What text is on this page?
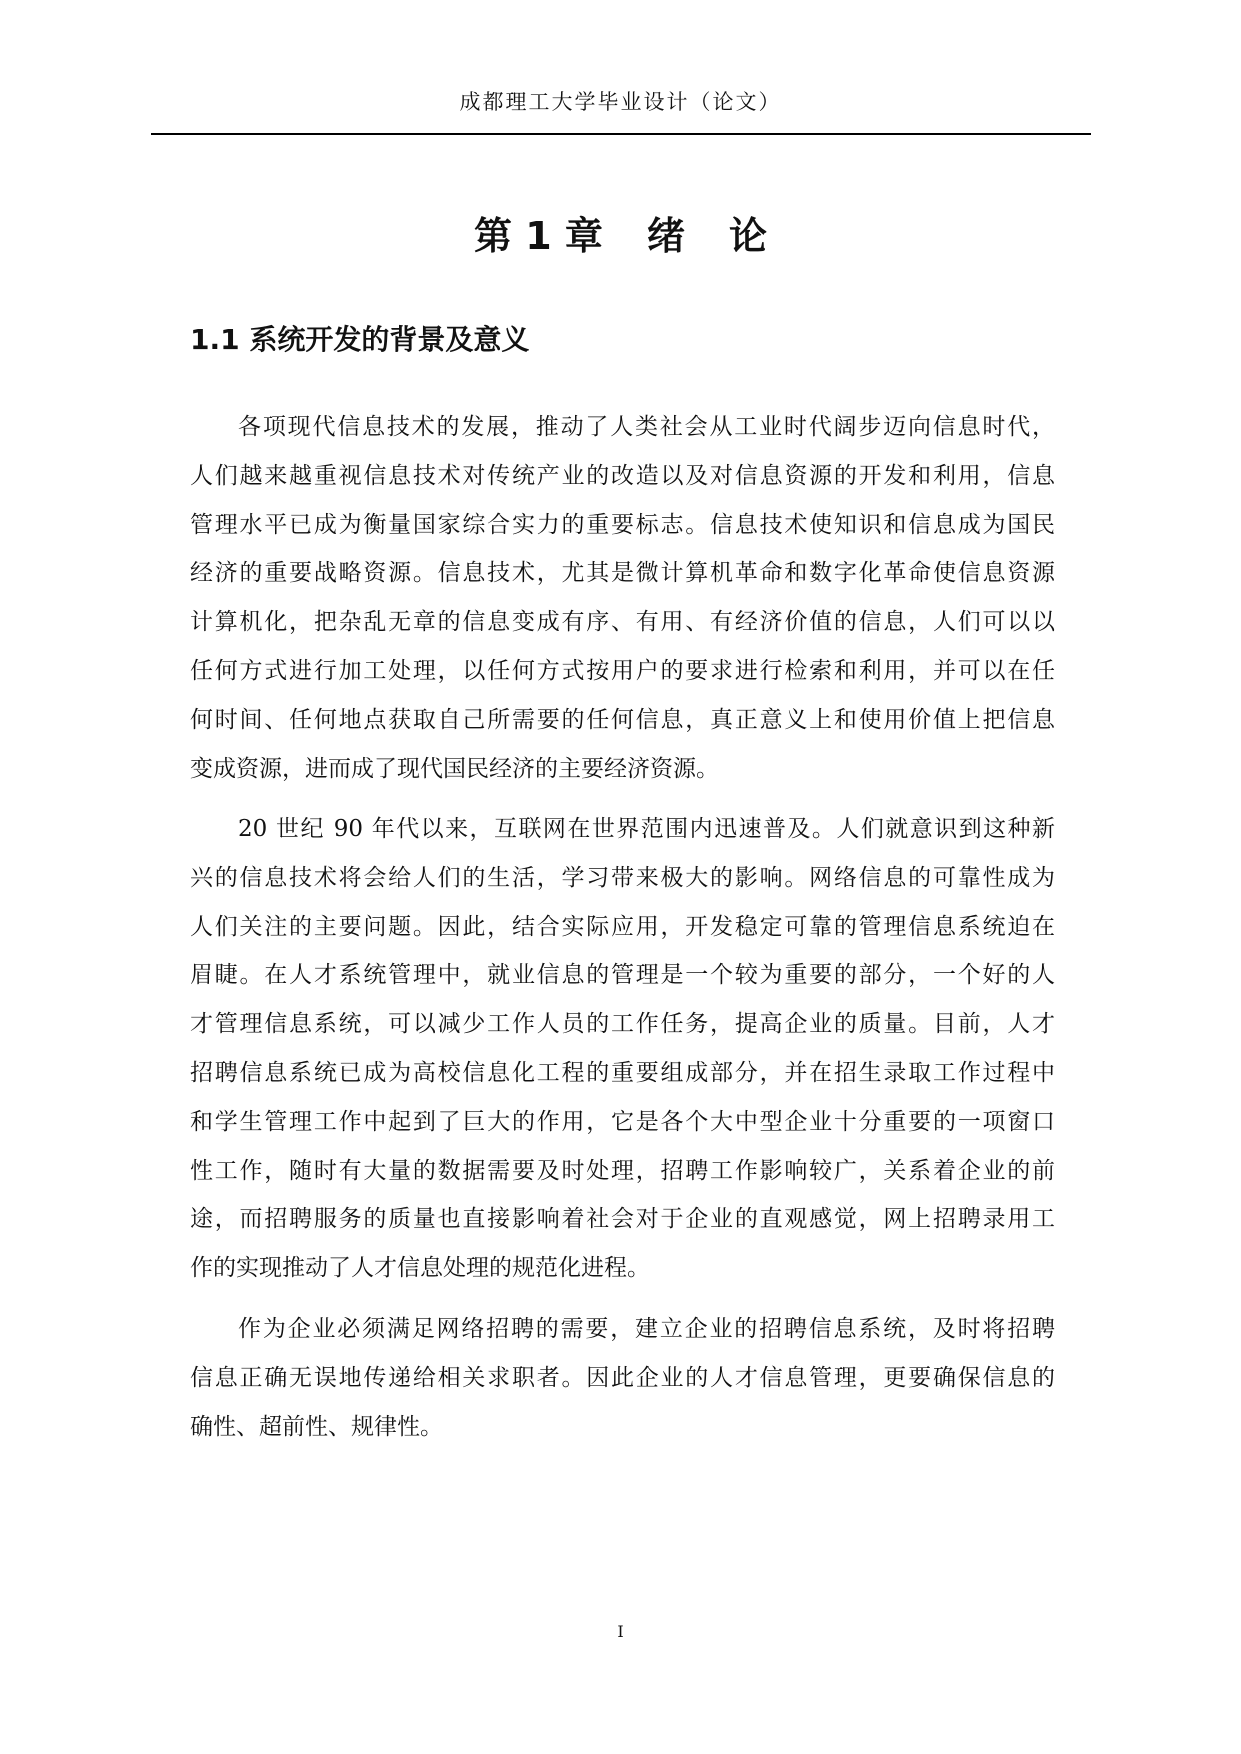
成都理工大学毕业设计（论文）
第 1 章 绪 论
1.1 系统开发的背景及意义
各项现代信息技术的发展，推动了人类社会从工业时代阔步迈向信息时代，
人们越来越重视信息技术对传统产业的改造以及对信息资源的开发和利用，信息
管理水平已成为衡量国家综合实力的重要标志。信息技术使知识和信息成为国民
经济的重要战略资源。信息技术，尤其是微计算机革命和数字化革命使信息资源
计算机化，把杂乱无章的信息变成有序、有用、有经济价值的信息，人们可以以
任何方式进行加工处理，以任何方式按用户的要求进行检索和利用，并可以在任
何时间、任何地点获取自己所需要的任何信息，真正意义上和使用价值上把信息
变成资源，进而成了现代国民经济的主要经济资源。
20 世纪 90 年代以来，互联网在世界范围内迅速普及。人们就意识到这种新
兴的信息技术将会给人们的生活，学习带来极大的影响。网络信息的可靠性成为
人们关注的主要问题。因此，结合实际应用，开发稳定可靠的管理信息系统迫在
眉睫。在人才系统管理中，就业信息的管理是一个较为重要的部分，一个好的人
才管理信息系统，可以减少工作人员的工作任务，提高企业的质量。目前，人才
招聘信息系统已成为高校信息化工程的重要组成部分，并在招生录取工作过程中
和学生管理工作中起到了巨大的作用，它是各个大中型企业十分重要的一项窗口
性工作，随时有大量的数据需要及时处理，招聘工作影响较广，关系着企业的前
途，而招聘服务的质量也直接影响着社会对于企业的直观感觉，网上招聘录用工
作的实现推动了人才信息处理的规范化进程。
作为企业必须满足网络招聘的需要，建立企业的招聘信息系统，及时将招聘
信息正确无误地传递给相关求职者。因此企业的人才信息管理，更要确保信息的
确性、超前性、规律性。
I
